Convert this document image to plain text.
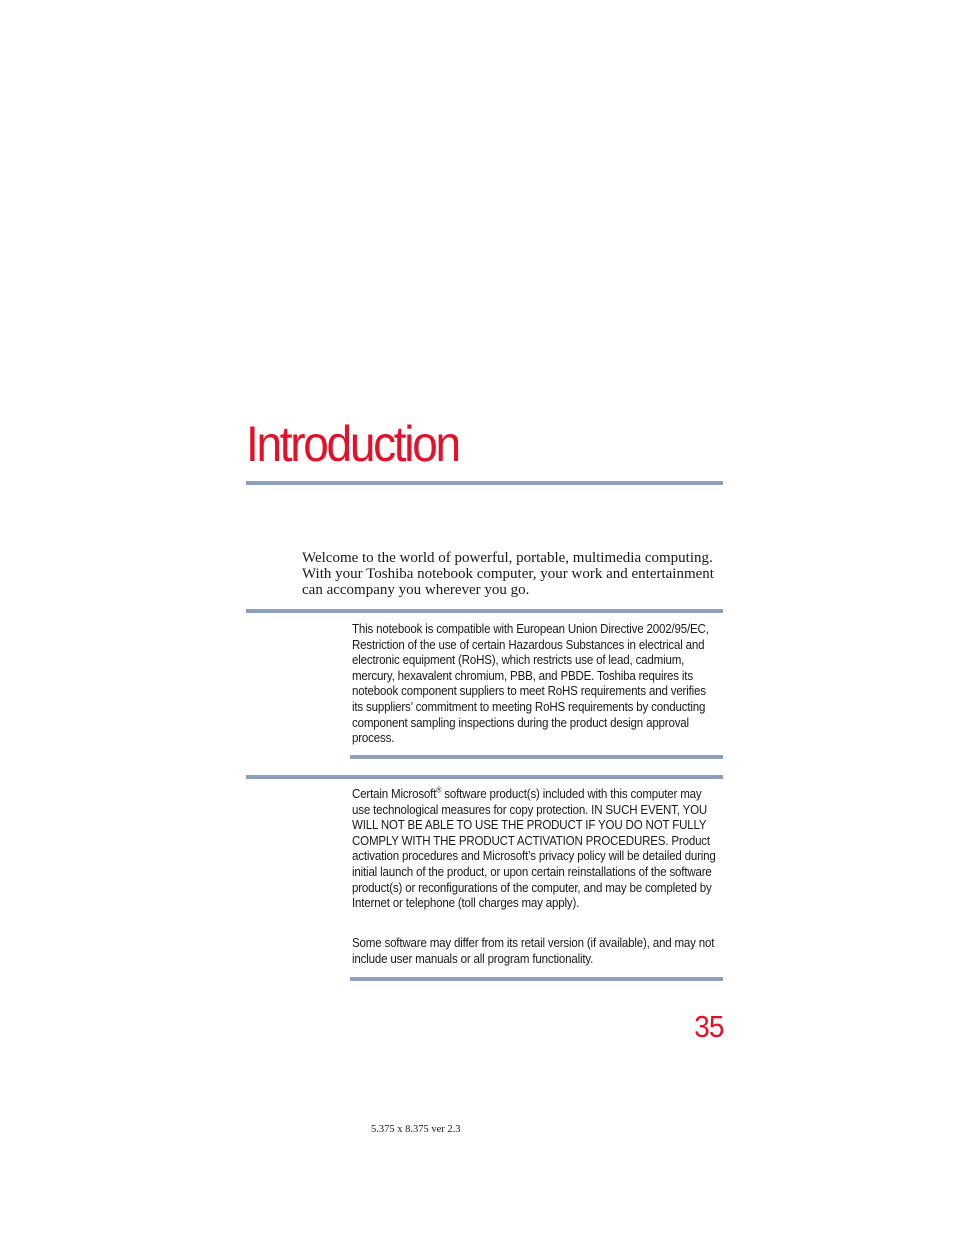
Introduction

Welcome to the world of powerful, portable, multimedia computing. With your Toshiba notebook computer, your work and entertainment can accompany you wherever you go.

This notebook is compatible with European Union Directive 2002/95/EC, Restriction of the use of certain Hazardous Substances in electrical and electronic equipment (RoHS), which restricts use of lead, cadmium, mercury, hexavalent chromium, PBB, and PBDE. Toshiba requires its notebook component suppliers to meet RoHS requirements and verifies its suppliers’ commitment to meeting RoHS requirements by conducting component sampling inspections during the product design approval process.

Certain Microsoft® software product(s) included with this computer may use technological measures for copy protection. IN SUCH EVENT, YOU WILL NOT BE ABLE TO USE THE PRODUCT IF YOU DO NOT FULLY COMPLY WITH THE PRODUCT ACTIVATION PROCEDURES. Product activation procedures and Microsoft’s privacy policy will be detailed during initial launch of the product, or upon certain reinstallations of the software product(s) or reconfigurations of the computer, and may be completed by Internet or telephone (toll charges may apply).

Some software may differ from its retail version (if available), and may not include user manuals or all program functionality.

35

5.375 x 8.375 ver 2.3
